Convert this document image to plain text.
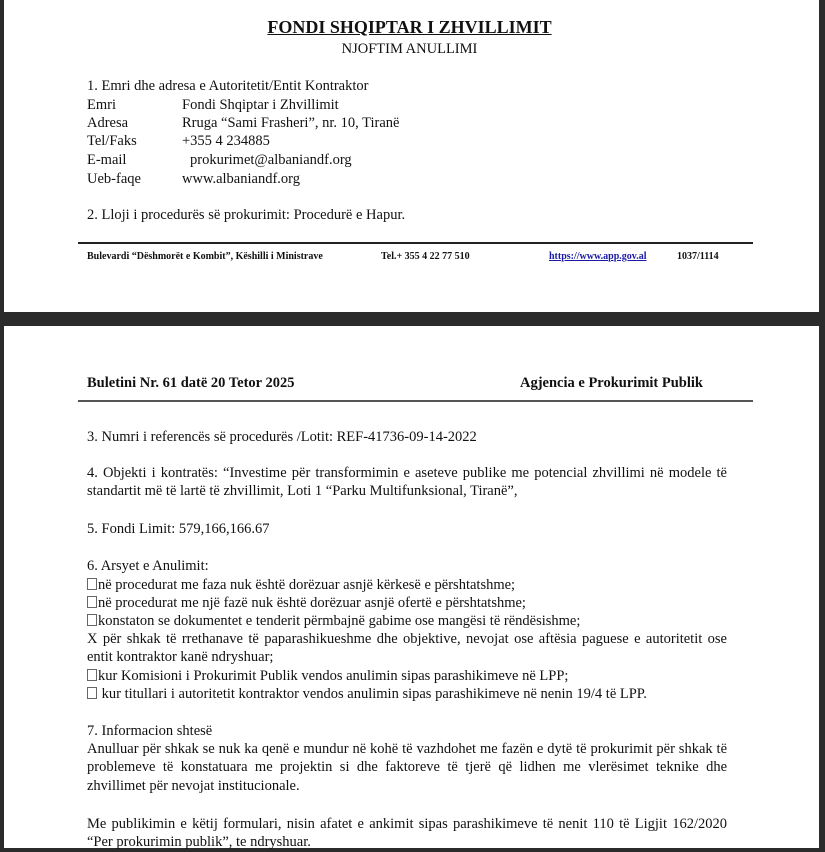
FONDI SHQIPTAR I ZHVILLIMIT
NJOFTIM ANULLIMI
1. Emri dhe adresa e Autoritetit/Entit Kontraktor
Emri	Fondi Shqiptar i Zhvillimit
Adresa	Rruga “Sami Frasheri”, nr. 10, Tiranë
Tel/Faks	+355 4 234885
E-mail	prokurimet@albaniandf.org
Ueb-faqe	www.albaniandf.org
2. Lloji i procedurës së prokurimit: Procedurë e Hapur.
Bulevardi “Dëshmorët e Kombit”, Këshilli i Ministrave	Tel.+ 355 4 22 77 510	https://www.app.gov.al	1037/1114
Buletini Nr. 61 datë 20 Tetor 2025	Agjencia e Prokurimit Publik
3. Numri i referencës së procedurës /Lotit: REF-41736-09-14-2022
4. Objekti i kontratës: “Investime për transformimin e aseteve publike me potencial zhvillimi në modele të standartit më të lartë të zhvillimit, Loti 1 “Parku Multifunksional, Tiranë”,
5. Fondi Limit: 579,166,166.67
6. Arsyet e Anulimit:
në procedurat me faza nuk është dorëzuar asnjë kërkesë e përshtatshme;
në procedurat me një fazë nuk është dorëzuar asnjë ofertë e përshtatshme;
konstaton se dokumentet e tenderit përmbajnë gabime ose mangësi të rëndësishme;
X për shkak të rrethanave të paparashikueshme dhe objektive, nevojat ose aftësia paguese e autoritetit ose entit kontraktor kanë ndryshuar;
kur Komisioni i Prokurimit Publik vendos anulimin sipas parashikimeve në LPP;
kur titullari i autoritetit kontraktor vendos anulimin sipas parashikimeve në nenin 19/4 të LPP.
7. Informacion shtesë
Anulluar për shkak se nuk ka qenë e mundur në kohë të vazhdohet me fazën e dytë të prokurimit për shkak të problemeve të konstatuara me projektin si dhe faktoreve të tjerë që lidhen me vlerësimet teknike dhe zhvillimet për nevojat institucionale.
Me publikimin e këtij formulari, nisin afatet e ankimit sipas parashikimeve të nenit 110 të Ligjit 162/2020 “Per prokurimin publik”, te ndryshuar.
